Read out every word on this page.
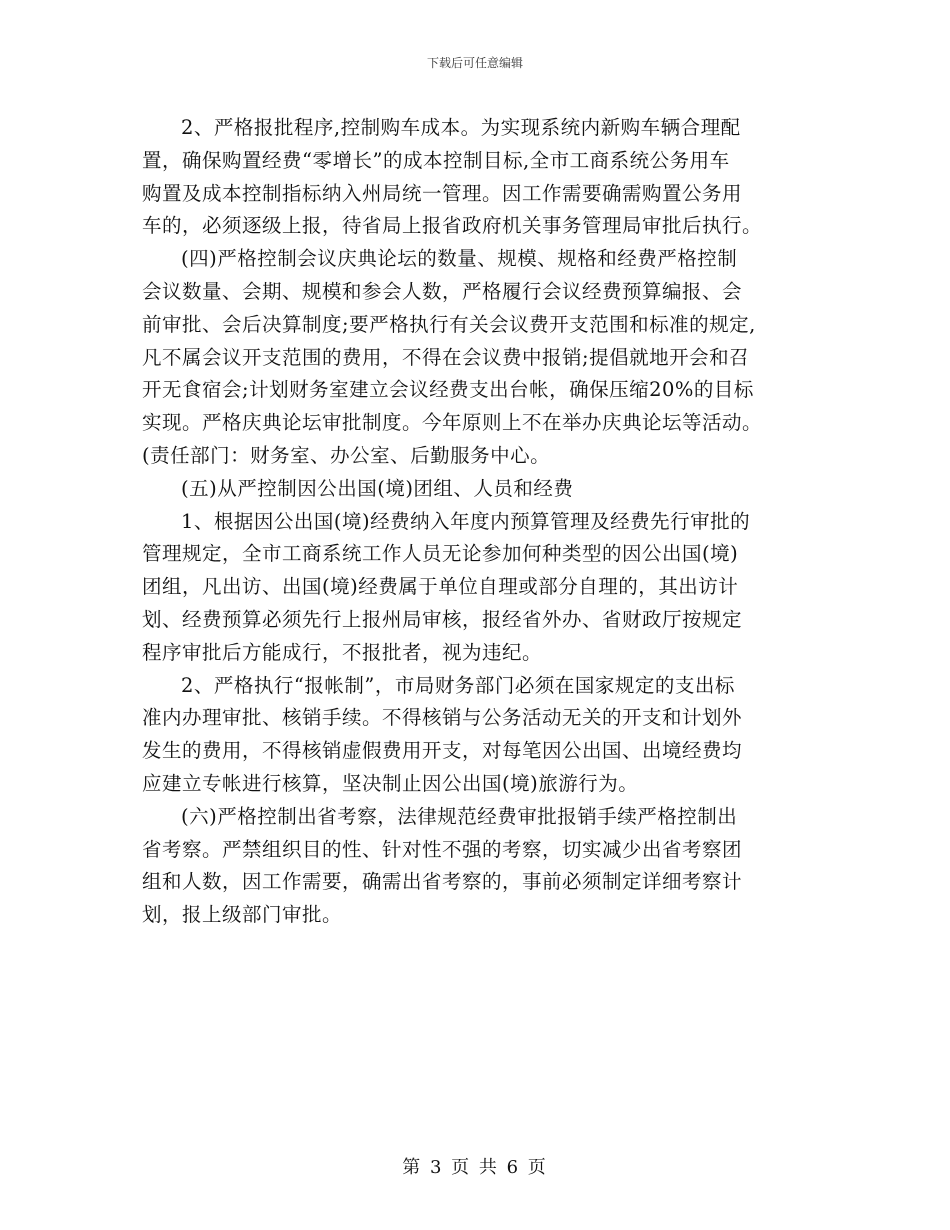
下载后可任意编辑

2、严格报批程序,控制购车成本。为实现系统内新购车辆合理配
置，确保购置经费“零增长”的成本控制目标,全市工商系统公务用车
购置及成本控制指标纳入州局统一管理。因工作需要确需购置公务用
车的，必须逐级上报，待省局上报省政府机关事务管理局审批后执行。

(四)严格控制会议庆典论坛的数量、规模、规格和经费严格控制
会议数量、会期、规模和参会人数，严格履行会议经费预算编报、会
前审批、会后决算制度;要严格执行有关会议费开支范围和标准的规定,
凡不属会议开支范围的费用，不得在会议费中报销;提倡就地开会和召
开无食宿会;计划财务室建立会议经费支出台帐，确保压缩20%的目标
实现。严格庆典论坛审批制度。今年原则上不在举办庆典论坛等活动。
(责任部门：财务室、办公室、后勤服务中心。

(五)从严控制因公出国(境)团组、人员和经费

1、根据因公出国(境)经费纳入年度内预算管理及经费先行审批的
管理规定，全市工商系统工作人员无论参加何种类型的因公出国(境)
团组，凡出访、出国(境)经费属于单位自理或部分自理的，其出访计
划、经费预算必须先行上报州局审核，报经省外办、省财政厅按规定
程序审批后方能成行，不报批者，视为违纪。

2、严格执行“报帐制”，市局财务部门必须在国家规定的支出标
准内办理审批、核销手续。不得核销与公务活动无关的开支和计划外
发生的费用，不得核销虚假费用开支，对每笔因公出国、出境经费均
应建立专帐进行核算，坚决制止因公出国(境)旅游行为。

(六)严格控制出省考察，法律规范经费审批报销手续严格控制出
省考察。严禁组织目的性、针对性不强的考察，切实减少出省考察团
组和人数，因工作需要，确需出省考察的，事前必须制定详细考察计
划，报上级部门审批。

第 3 页 共 6 页
